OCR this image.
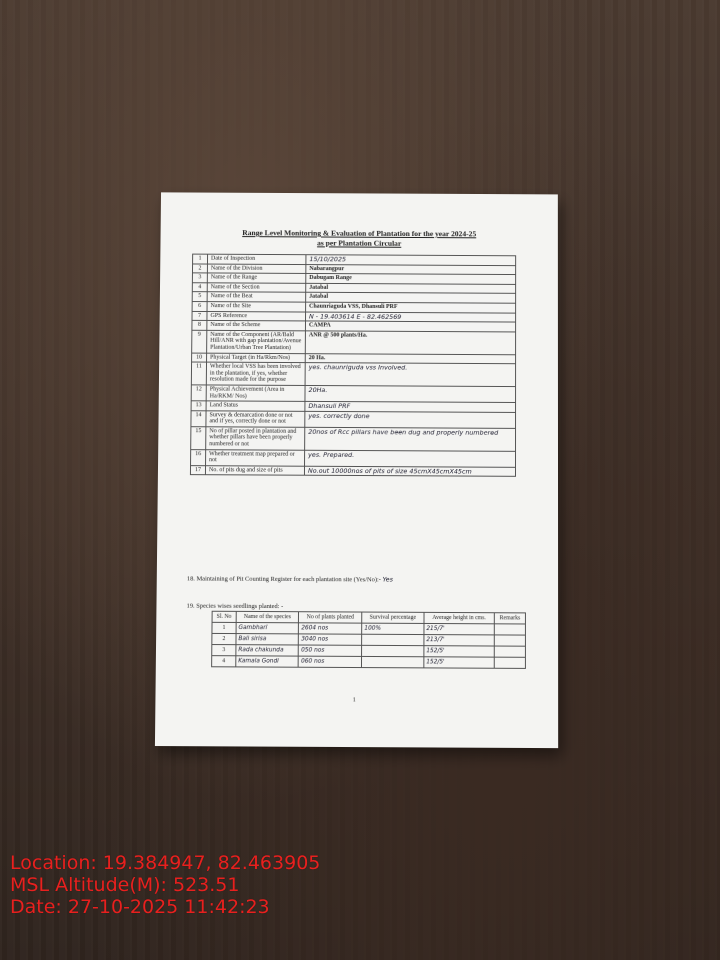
Range Level Monitoring & Evaluation of Plantation for the year 2024-25
as per Plantation Circular
1	Date of Inspection	15/10/2025
2	Name of the Division	Nabarangpur
3	Name of the Range	Dabugam Range
4	Name of the Section	Jatabal
5	Name of the Beat	Jatabal
6	Name of the Site	Chaunriaguda VSS, Dhansuli PRF
7	GPS Reference	N - 19.403614 E - 82.462569
8	Name of the Scheme	CAMPA
9	Name of the Component (AR/Bald Hill/ANR with gap plantation/Avenue Plantation/Urban Tree Plantation)	ANR @ 500 plants/Ha.
10	Physical Target (in Ha/Rkm/Nos)	20 Ha.
11	Whether local VSS has been involved in the plantation, if yes, whether resolution made for the purpose	yes. chaunriguda vss Involved.
12	Physical Achievement (Area in Ha/RKM/ Nos)	20Ha.
13	Land Status	Dhansuli PRF
14	Survey & demarcation done or not and if yes, correctly done or not	yes. correctly done
15	No of pillar posted in plantation and whether pillars have been properly numbered or not	20nos of Rcc pillars have been dug and properly numbered
16	Whether treatment map prepared or not	yes. Prepared.
17	No. of pits dug and size of pits	No.out 10000nos of pits of size 45cmX45cmX45cm
18. Maintaining of Pit Counting Register for each plantation site (Yes/No):- Yes
19. Species wises seedlings planted: -
Sl. No	Name of the species	No of plants planted	Survival percentage	Average height in cms.	Remarks
1	Gambhari	2604 nos	100%	215/7'	
2	Bali sirisa	3040 nos		213/7'	
3	Rada chakunda	050 nos		152/5'	
4	Kamala Gondi	060 nos		152/5'	
1
Location: 19.384947, 82.463905
MSL Altitude(M): 523.51
Date: 27-10-2025 11:42:23
